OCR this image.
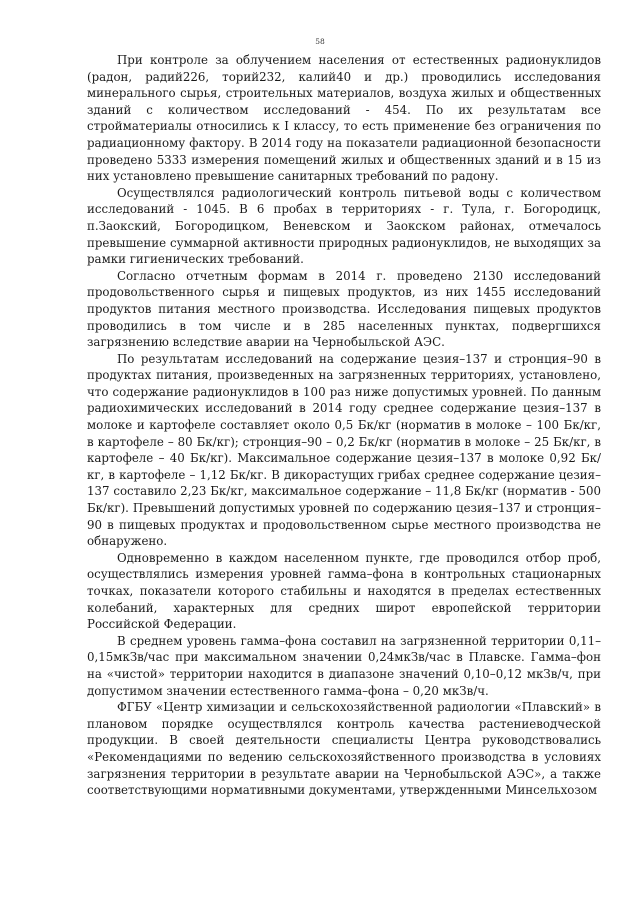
58

При контроле за облучением населения от естественных радионуклидов (радон, радий226, торий232, калий40 и др.) проводились исследования минерального сырья, строительных материалов, воздуха жилых и общественных зданий с количеством исследований - 454. По их результатам все стройматериалы относились к I классу, то есть применение без ограничения по радиационному фактору. В 2014 году на показатели радиационной безопасности проведено 5333 измерения помещений жилых и общественных зданий и в 15 из них установлено превышение санитарных требований по радону.

Осуществлялся радиологический контроль питьевой воды с количеством исследований - 1045. В 6 пробах в территориях - г. Тула, г. Богородицк, п.Заокский, Богородицком, Веневском и Заокском районах, отмечалось превышение суммарной активности природных радионуклидов, не выходящих за рамки гигиенических требований.

Согласно отчетным формам в 2014 г. проведено 2130 исследований продовольственного сырья и пищевых продуктов, из них 1455 исследований продуктов питания местного производства. Исследования пищевых продуктов проводились в том числе и в 285 населенных пунктах, подвергшихся загрязнению вследствие аварии на Чернобыльской АЭС.

По результатам исследований на содержание цезия–137 и стронция–90 в продуктах питания, произведенных на загрязненных территориях, установлено, что содержание радионуклидов в 100 раз ниже допустимых уровней. По данным радиохимических исследований в 2014 году среднее содержание цезия–137 в молоке и картофеле составляет около 0,5 Бк/кг (норматив в молоке – 100 Бк/кг, в картофеле – 80 Бк/кг); стронция–90 – 0,2 Бк/кг (норматив в молоке – 25 Бк/кг, в картофеле – 40 Бк/кг). Максимальное содержание цезия–137 в молоке 0,92 Бк/кг, в картофеле – 1,12 Бк/кг. В дикорастущих грибах среднее содержание цезия–137 составило 2,23 Бк/кг, максимальное содержание – 11,8 Бк/кг (норматив - 500 Бк/кг). Превышений допустимых уровней по содержанию цезия–137 и стронция–90 в пищевых продуктах и продовольственном сырье местного производства не обнаружено.

Одновременно в каждом населенном пункте, где проводился отбор проб, осуществлялись измерения уровней гамма–фона в контрольных стационарных точках, показатели которого стабильны и находятся в пределах естественных колебаний, характерных для средних широт европейской территории Российской Федерации.

В среднем уровень гамма–фона составил на загрязненной территории 0,11–0,15мкЗв/час при максимальном значении 0,24мкЗв/час в Плавске. Гамма–фон на «чистой» территории находится в диапазоне значений 0,10–0,12 мкЗв/ч, при допустимом значении естественного гамма–фона – 0,20 мкЗв/ч.

ФГБУ «Центр химизации и сельскохозяйственной радиологии «Плавский» в плановом порядке осуществлялся контроль качества растениеводческой продукции. В своей деятельности специалисты Центра руководствовались «Рекомендациями по ведению сельскохозяйственного производства в условиях загрязнения территории в результате аварии на Чернобыльской АЭС», а также соответствующими нормативными документами, утвержденными Минсельхозом
